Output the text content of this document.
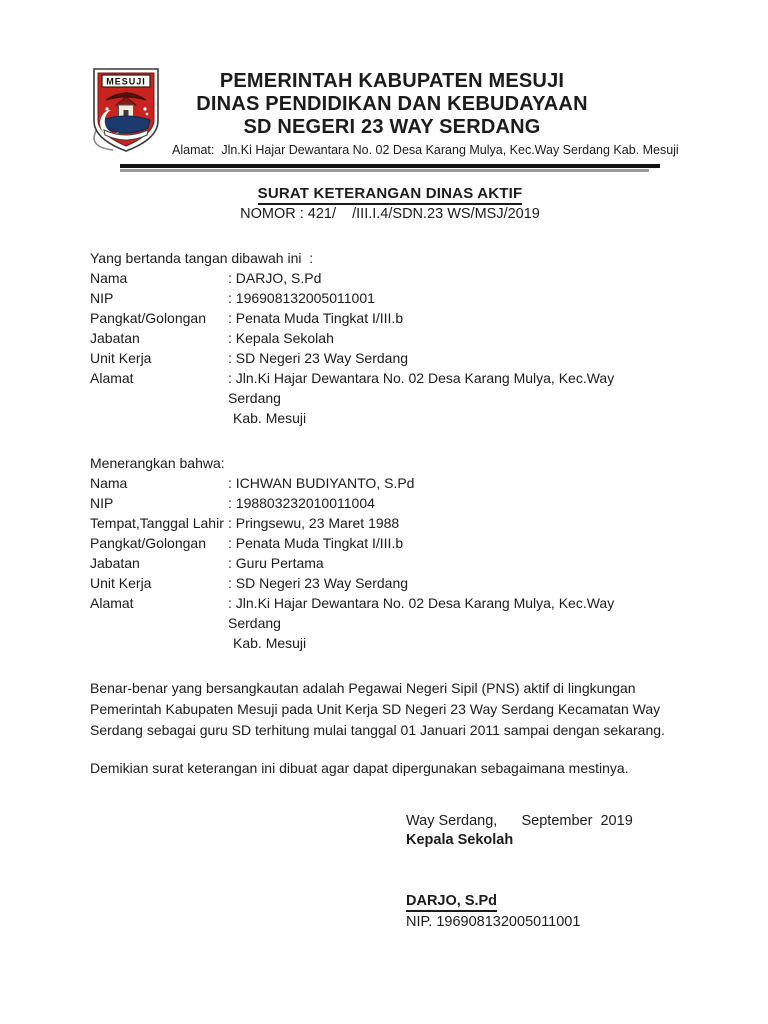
MESUJI	PEMERINTAH KABUPATEN MESUJI
DINAS PENDIDIKAN DAN KEBUDAYAAN
SD NEGERI 23 WAY SERDANG
Alamat:  Jln.Ki Hajar Dewantara No. 02 Desa Karang Mulya, Kec.Way Serdang Kab. Mesuji
SURAT KETERANGAN DINAS AKTIF
NOMOR : 421/    /III.I.4/SDN.23 WS/MSJ/2019
Yang bertanda tangan dibawah ini  :
Nama	: DARJO, S.Pd
NIP	: 196908132005011001
Pangkat/Golongan	: Penata Muda Tingkat I/III.b
Jabatan	: Kepala Sekolah
Unit Kerja	: SD Negeri 23 Way Serdang
Alamat	: Jln.Ki Hajar Dewantara No. 02 Desa Karang Mulya, Kec.Way Serdang
Kab. Mesuji
Menerangkan bahwa:
Nama	: ICHWAN BUDIYANTO, S.Pd
NIP	: 198803232010011004
Tempat,Tanggal Lahir : Pringsewu, 23 Maret 1988
Pangkat/Golongan	: Penata Muda Tingkat I/III.b
Jabatan	: Guru Pertama
Unit Kerja	: SD Negeri 23 Way Serdang
Alamat	: Jln.Ki Hajar Dewantara No. 02 Desa Karang Mulya, Kec.Way Serdang
Kab. Mesuji
Benar-benar yang bersangkautan adalah Pegawai Negeri Sipil (PNS) aktif di lingkungan Pemerintah Kabupaten Mesuji pada Unit Kerja SD Negeri 23 Way Serdang Kecamatan Way Serdang sebagai guru SD terhitung mulai tanggal 01 Januari 2011 sampai dengan sekarang.
Demikian surat keterangan ini dibuat agar dapat dipergunakan sebagaimana mestinya.
Way Serdang,      September  2019
Kepala Sekolah
DARJO, S.Pd
NIP. 196908132005011001
